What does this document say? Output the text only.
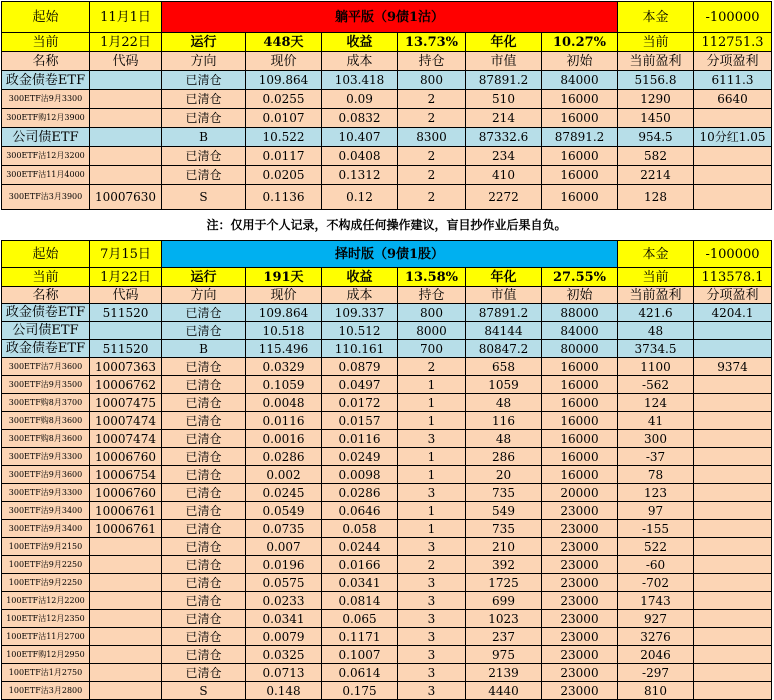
起始	11月1日	躺平版（9债1沽）						本金	-100000
当前	1月22日	运行	448天	收益	13.73%	年化	10.27%	当前	112751.3
名称	代码	方向	现价	成本	持仓	市值	初始	当前盈利	分项盈利
政金债卷ETF		已清仓	109.864	103.418	800	87891.2	84000	5156.8	6111.3
300ETF沽9月3300		已清仓	0.0255	0.09	2	510	16000	1290	6640
300ETF购12月3900		已清仓	0.0107	0.0832	2	214	16000	1450	
公司债ETF		B	10.522	10.407	8300	87332.6	87891.2	954.5	10分红1.05
300ETF沽12月3200		已清仓	0.0117	0.0408	2	234	16000	582	
300ETF沽11月4000		已清仓	0.0205	0.1312	2	410	16000	2214	
300ETF沽3月3900	10007630	S	0.1136	0.12	2	2272	16000	128	
注：仅用于个人记录，不构成任何操作建议，盲目抄作业后果自负。									
起始	7月15日	择时版（9债1股）						本金	-100000
当前	1月22日	运行	191天	收益	13.58%	年化	27.55%	当前	113578.1
名称	代码	方向	现价	成本	持仓	市值	初始	当前盈利	分项盈利
政金债卷ETF	511520	已清仓	109.864	109.337	800	87891.2	88000	421.6	4204.1
公司债ETF		已清仓	10.518	10.512	8000	84144	84000	48	
政金债卷ETF	511520	B	115.496	110.161	700	80847.2	80000	3734.5	
300ETF沽7月3600	10007363	已清仓	0.0329	0.0879	2	658	16000	1100	9374
300ETF沽9月3500	10006762	已清仓	0.1059	0.0497	1	1059	16000	-562	
300ETF购8月3700	10007475	已清仓	0.0048	0.0172	1	48	16000	124	
300ETF购8月3600	10007474	已清仓	0.0116	0.0157	1	116	16000	41	
300ETF购8月3600	10007474	已清仓	0.0016	0.0116	3	48	16000	300	
300ETF沽9月3300	10006760	已清仓	0.0286	0.0249	1	286	16000	-37	
300ETF沽9月3600	10006754	已清仓	0.002	0.0098	1	20	16000	78	
300ETF沽9月3300	10006760	已清仓	0.0245	0.0286	3	735	20000	123	
300ETF沽9月3400	10006761	已清仓	0.0549	0.0646	1	549	23000	97	
300ETF沽9月3400	10006761	已清仓	0.0735	0.058	1	735	23000	-155	
100ETF沽9月2150		已清仓	0.007	0.0244	3	210	23000	522	
100ETF沽9月2250		已清仓	0.0196	0.0166	2	392	23000	-60	
100ETF沽9月2250		已清仓	0.0575	0.0341	3	1725	23000	-702	
100ETF沽12月2200		已清仓	0.0233	0.0814	3	699	23000	1743	
100ETF沽12月2350		已清仓	0.0341	0.065	3	1023	23000	927	
100ETF沽11月2700		已清仓	0.0079	0.1171	3	237	23000	3276	
100ETF购12月2950		已清仓	0.0325	0.1007	3	975	23000	2046	
100ETF沽1月2750		已清仓	0.0713	0.0614	3	2139	23000	-297	
100ETF沽3月2800		S	0.148	0.175	3	4440	23000	810	
